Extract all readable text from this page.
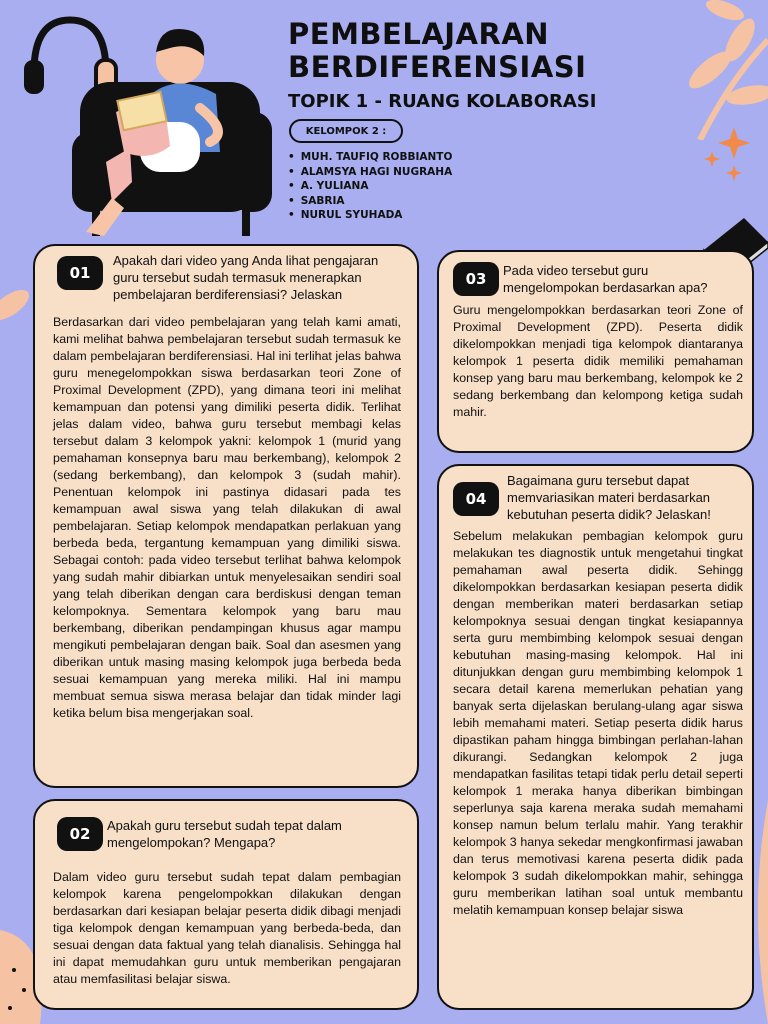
PEMBELAJARAN
BERDIFERENSIASI
TOPIK 1 - RUANG KOLABORASI
KELOMPOK 2 :
• MUH. TAUFIQ ROBBIANTO
• ALAMSYA HAGI NUGRAHA
• A. YULIANA
• SABRIA
• NURUL SYUHADA
01
Apakah dari video yang Anda lihat pengajaran guru tersebut sudah termasuk menerapkan pembelajaran berdiferensiasi? Jelaskan
Berdasarkan dari video pembelajaran yang telah kami amati, kami melihat bahwa pembelajaran tersebut sudah termasuk ke dalam pembelajaran berdiferensiasi. Hal ini terlihat jelas bahwa guru menegelompokkan siswa berdasarkan teori Zone of Proximal Development (ZPD), yang dimana teori ini melihat kemampuan dan potensi yang dimiliki peserta didik. Terlihat jelas dalam video, bahwa guru tersebut membagi kelas tersebut dalam 3 kelompok yakni: kelompok 1 (murid yang pemahaman konsepnya baru mau berkembang), kelompok 2 (sedang berkembang), dan kelompok 3 (sudah mahir). Penentuan kelompok ini pastinya didasari pada tes kemampuan awal siswa yang telah dilakukan di awal pembelajaran. Setiap kelompok mendapatkan perlakuan yang berbeda beda, tergantung kemampuan yang dimiliki siswa. Sebagai contoh: pada video tersebut terlihat bahwa kelompok yang sudah mahir dibiarkan untuk menyelesaikan sendiri soal yang telah diberikan dengan cara berdiskusi dengan teman kelompoknya. Sementara kelompok yang baru mau berkembang, diberikan pendampingan khusus agar mampu mengikuti pembelajaran dengan baik. Soal dan asesmen yang diberikan untuk masing masing kelompok juga berbeda beda sesuai kemampuan yang mereka miliki. Hal ini mampu membuat semua siswa merasa belajar dan tidak minder lagi ketika belum bisa mengerjakan soal.
02	Apakah guru tersebut sudah tepat dalam mengelompokan? Mengapa?
Dalam video guru tersebut sudah tepat dalam pembagian kelompok karena pengelompokkan dilakukan dengan berdasarkan dari kesiapan belajar peserta didik dibagi menjadi tiga kelompok dengan kemampuan yang berbeda-beda, dan sesuai dengan data faktual yang telah dianalisis. Sehingga hal ini dapat memudahkan guru untuk memberikan pengajaran atau memfasilitasi belajar siswa.
03	Pada video tersebut guru mengelompokan berdasarkan apa?
Guru mengelompokkan berdasarkan teori Zone of Proximal Development (ZPD). Peserta didik dikelompokkan menjadi tiga kelompok diantaranya kelompok 1 peserta didik memiliki pemahaman konsep yang baru mau berkembang, kelompok ke 2 sedang berkembang dan kelompong ketiga sudah mahir.
04
Bagaimana guru tersebut dapat memvariasikan materi berdasarkan kebutuhan peserta didik? Jelaskan!
Sebelum melakukan pembagian kelompok guru melakukan tes diagnostik untuk mengetahui tingkat pemahaman awal peserta didik. Sehingg dikelompokkan berdasarkan kesiapan peserta didik dengan memberikan materi berdasarkan setiap kelompoknya sesuai dengan tingkat kesiapannya serta guru membimbing kelompok sesuai dengan kebutuhan masing-masing kelompok. Hal ini ditunjukkan dengan guru membimbing kelompok 1 secara detail karena memerlukan pehatian yang banyak serta dijelaskan berulang-ulang agar siswa lebih memahami materi. Setiap peserta didik harus dipastikan paham hingga bimbingan perlahan-lahan dikurangi. Sedangkan kelompok 2 juga mendapatkan fasilitas tetapi tidak perlu detail seperti kelompok 1 meraka hanya diberikan bimbingan seperlunya saja karena meraka sudah memahami konsep namun belum terlalu mahir. Yang terakhir kelompok 3 hanya sekedar mengkonfirmasi jawaban dan terus memotivasi karena peserta didik pada kelompok 3 sudah dikelompokkan mahir, sehingga guru memberikan latihan soal untuk membantu melatih kemampuan konsep belajar siswa
